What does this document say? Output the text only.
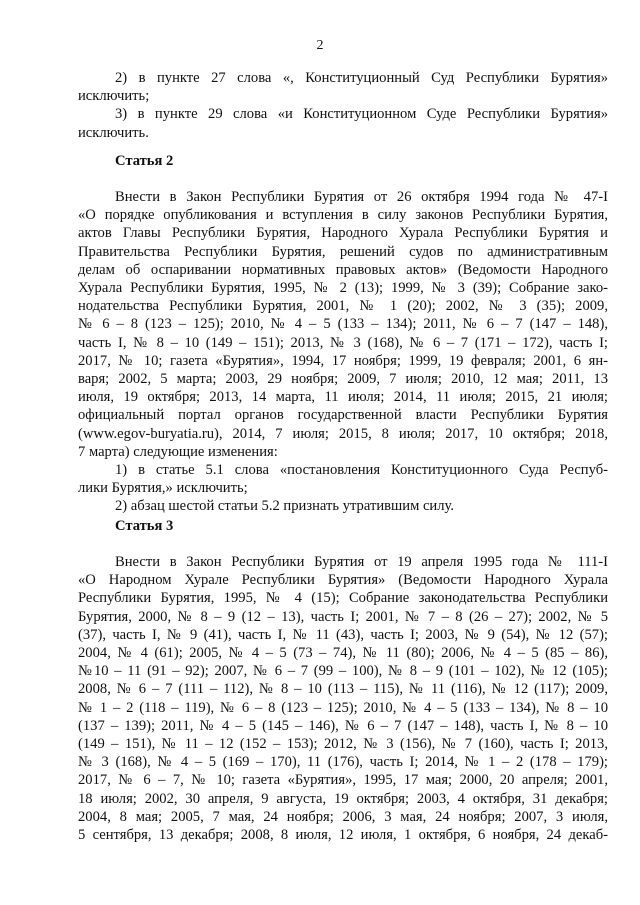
2
2) в пункте 27 слова «, Конституционный Суд Республики Бурятия»
исключить;
3) в пункте 29 слова «и Конституционном Суде Республики Бурятия»
исключить.
Статья 2
Внести в Закон Республики Бурятия от 26 октября 1994 года № 47-I
«О порядке опубликования и вступления в силу законов Республики Бурятия,
актов Главы Республики Бурятия, Народного Хурала Республики Бурятия и
Правительства Республики Бурятия, решений судов по административным
делам об оспаривании нормативных правовых актов» (Ведомости Народного
Хурала Республики Бурятия, 1995, № 2 (13); 1999, № 3 (39); Собрание зако-
нодательства Республики Бурятия, 2001, № 1 (20); 2002, № 3 (35); 2009,
№ 6 – 8 (123 – 125); 2010, № 4 – 5 (133 – 134); 2011, № 6 – 7 (147 – 148),
часть I, № 8 – 10 (149 – 151); 2013, № 3 (168), № 6 – 7 (171 – 172), часть I;
2017, № 10; газета «Бурятия», 1994, 17 ноября; 1999, 19 февраля; 2001, 6 ян-
варя; 2002, 5 марта; 2003, 29 ноября; 2009, 7 июля; 2010, 12 мая; 2011, 13
июля, 19 октября; 2013, 14 марта, 11 июля; 2014, 11 июля; 2015, 21 июля;
официальный портал органов государственной власти Республики Бурятия
(www.egov-buryatia.ru), 2014, 7 июля; 2015, 8 июля; 2017, 10 октября; 2018,
7 марта) следующие изменения:
1) в статье 5.1 слова «постановления Конституционного Суда Респуб-
лики Бурятия,» исключить;
2) абзац шестой статьи 5.2 признать утратившим силу.
Статья 3
Внести в Закон Республики Бурятия от 19 апреля 1995 года № 111-I
«О Народном Хурале Республики Бурятия» (Ведомости Народного Хурала
Республики Бурятия, 1995, № 4 (15); Собрание законодательства Республики
Бурятия, 2000, № 8 – 9 (12 – 13), часть I; 2001, № 7 – 8 (26 – 27); 2002, № 5
(37), часть I, № 9 (41), часть I, № 11 (43), часть I; 2003, № 9 (54), № 12 (57);
2004, № 4 (61); 2005, № 4 – 5 (73 – 74), № 11 (80); 2006, № 4 – 5 (85 – 86),
№10 – 11 (91 – 92); 2007, № 6 – 7 (99 – 100), № 8 – 9 (101 – 102), № 12 (105);
2008, № 6 – 7 (111 – 112), № 8 – 10 (113 – 115), № 11 (116), № 12 (117); 2009,
№ 1 – 2 (118 – 119), № 6 – 8 (123 – 125); 2010, № 4 – 5 (133 – 134), № 8 – 10
(137 – 139); 2011, № 4 – 5 (145 – 146), № 6 – 7 (147 – 148), часть I, № 8 – 10
(149 – 151), № 11 – 12 (152 – 153); 2012, № 3 (156), № 7 (160), часть I; 2013,
№ 3 (168), № 4 – 5 (169 – 170), 11 (176), часть I; 2014, № 1 – 2 (178 – 179);
2017, № 6 – 7, № 10; газета «Бурятия», 1995, 17 мая; 2000, 20 апреля; 2001,
18 июля; 2002, 30 апреля, 9 августа, 19 октября; 2003, 4 октября, 31 декабря;
2004, 8 мая; 2005, 7 мая, 24 ноября; 2006, 3 мая, 24 ноября; 2007, 3 июля,
5 сентября, 13 декабря; 2008, 8 июля, 12 июля, 1 октября, 6 ноября, 24 декаб-
